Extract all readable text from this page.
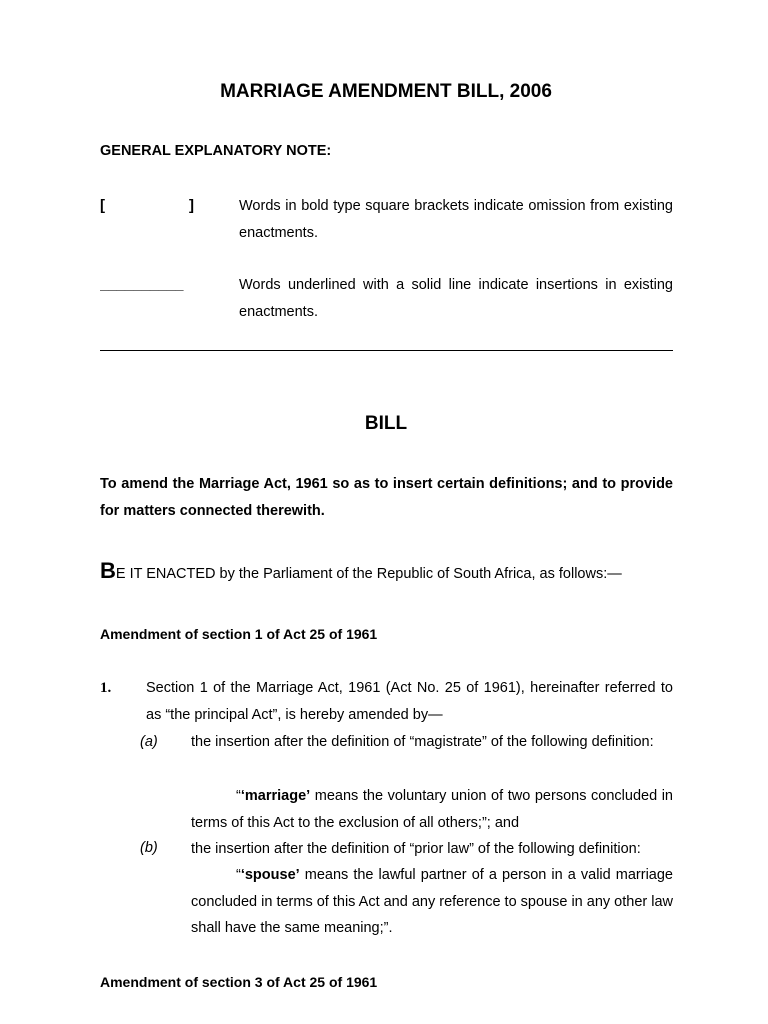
MARRIAGE AMENDMENT BILL, 2006
GENERAL EXPLANATORY NOTE:
[	]	Words in bold type square brackets indicate omission from existing enactments.
__________	Words underlined with a solid line indicate insertions in existing enactments.
BILL
To amend the Marriage Act, 1961 so as to insert certain definitions; and to provide for matters connected therewith.
BE IT ENACTED by the Parliament of the Republic of South Africa, as follows:—
Amendment of section 1 of Act 25 of 1961
1. Section 1 of the Marriage Act, 1961 (Act No. 25 of 1961), hereinafter referred to as “the principal Act”, is hereby amended by—
(a) the insertion after the definition of “magistrate” of the following definition:
“‘marriage’ means the voluntary union of two persons concluded in terms of this Act to the exclusion of all others;”; and
(b) the insertion after the definition of “prior law” of the following definition:
“‘spouse’ means the lawful partner of a person in a valid marriage concluded in terms of this Act and any reference to spouse in any other law shall have the same meaning;”.
Amendment of section 3 of Act 25 of 1961
